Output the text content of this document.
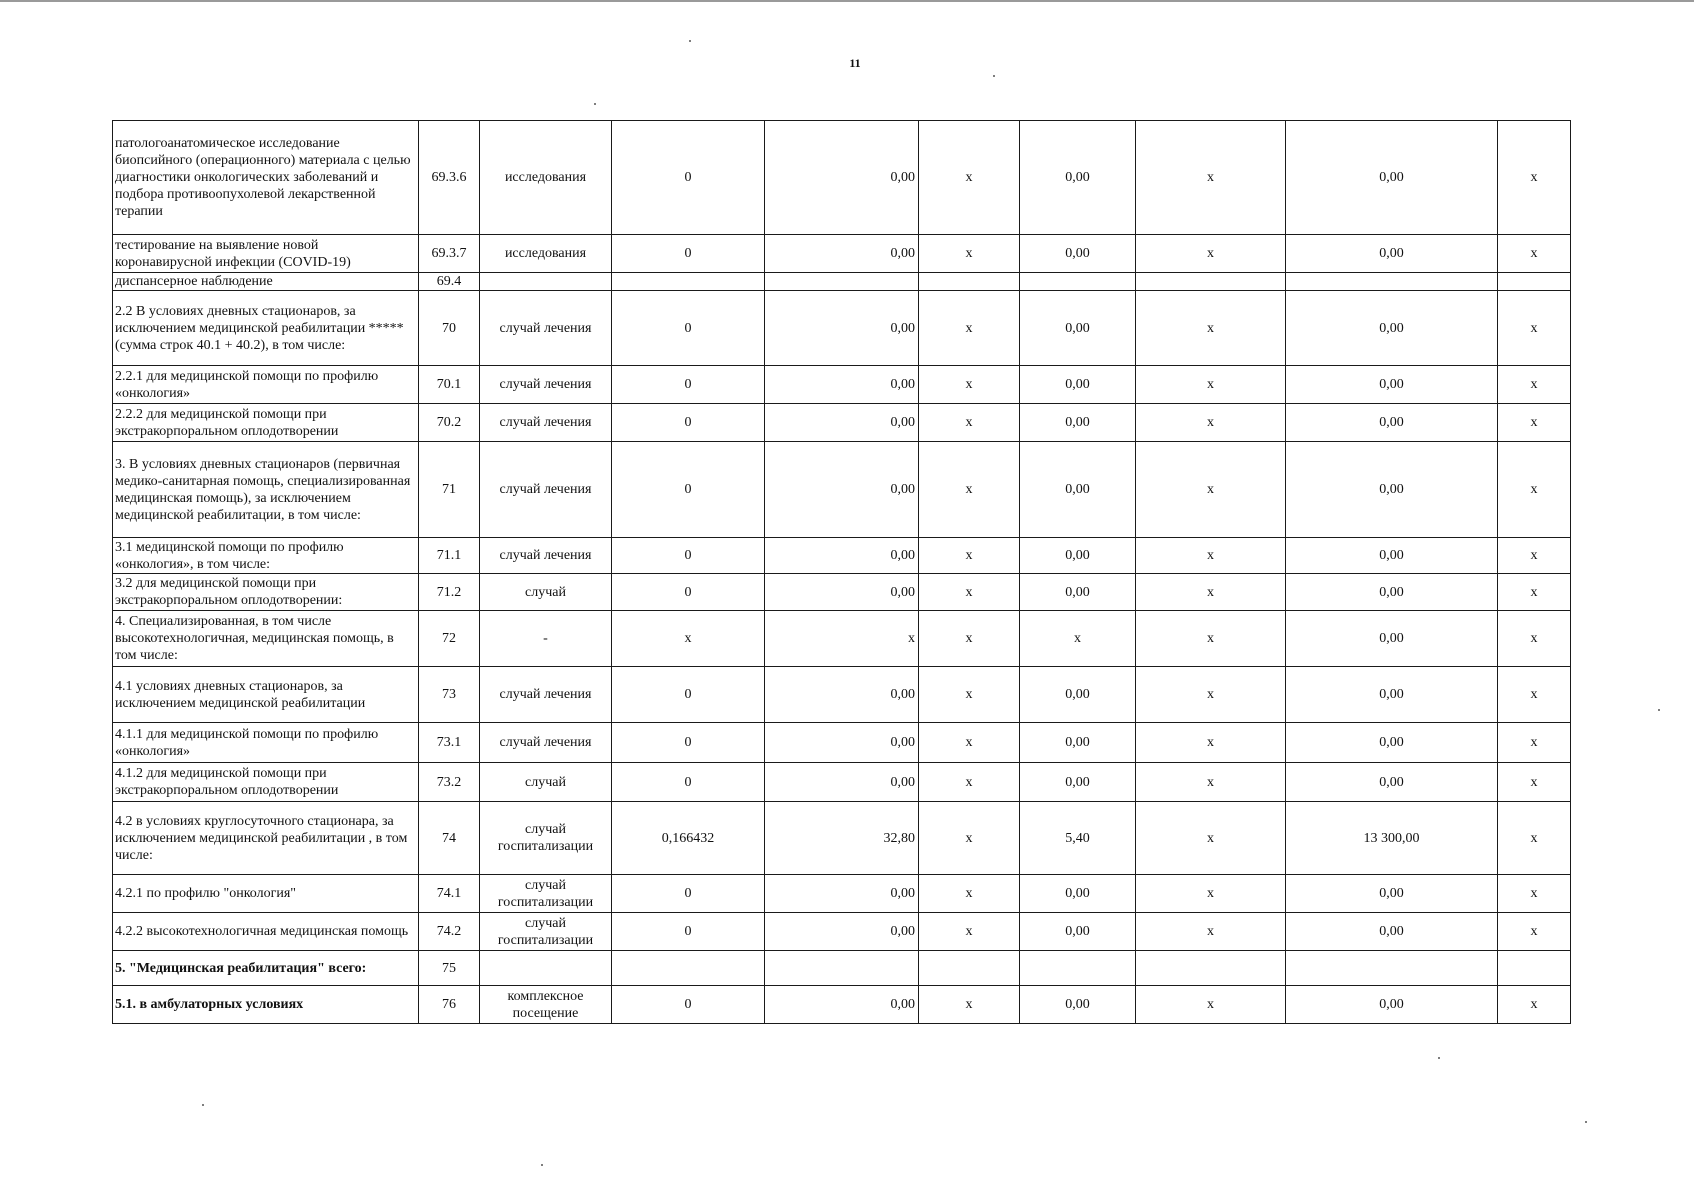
11
патологоанатомическое исследование биопсийного (операционного) материала с целью диагностики онкологических заболеваний и подбора противоопухолевой лекарственной терапии	69.3.6	исследования	0	0,00	x	0,00	x	0,00	x
тестирование на выявление новой коронавирусной инфекции (COVID-19)	69.3.7	исследования	0	0,00	x	0,00	x	0,00	x
диспансерное наблюдение	69.4								
2.2 В условиях дневных стационаров, за исключением медицинской реабилитации ***** (сумма строк 40.1 + 40.2), в том числе:	70	случай лечения	0	0,00	x	0,00	x	0,00	x
2.2.1 для медицинской помощи по профилю «онкология»	70.1	случай лечения	0	0,00	x	0,00	x	0,00	x
2.2.2 для медицинской помощи при экстракорпоральном оплодотворении	70.2	случай лечения	0	0,00	x	0,00	x	0,00	x
3. В условиях дневных стационаров (первичная медико-санитарная помощь, специализированная медицинская помощь), за исключением медицинской реабилитации, в том числе:	71	случай лечения	0	0,00	x	0,00	x	0,00	x
3.1 медицинской помощи по профилю «онкология», в том числе:	71.1	случай лечения	0	0,00	x	0,00	x	0,00	x
3.2 для медицинской помощи при экстракорпоральном оплодотворении:	71.2	случай	0	0,00	x	0,00	x	0,00	x
4. Специализированная, в том числе высокотехнологичная, медицинская помощь, в том числе:	72	-	x	x	x	x	x	0,00	x
4.1 условиях дневных стационаров, за исключением медицинской реабилитации	73	случай лечения	0	0,00	x	0,00	x	0,00	x
4.1.1 для медицинской помощи по профилю «онкология»	73.1	случай лечения	0	0,00	x	0,00	x	0,00	x
4.1.2 для медицинской помощи при экстракорпоральном оплодотворении	73.2	случай	0	0,00	x	0,00	x	0,00	x
4.2 в условиях круглосуточного стационара, за исключением медицинской реабилитации , в том числе:	74	случай госпитализации	0,166432	32,80	x	5,40	x	13 300,00	x
4.2.1 по профилю "онкология"	74.1	случай госпитализации	0	0,00	x	0,00	x	0,00	x
4.2.2 высокотехнологичная медицинская помощь	74.2	случай госпитализации	0	0,00	x	0,00	x	0,00	x
5. "Медицинская реабилитация" всего:	75								
5.1. в амбулаторных условиях	76	комплексное посещение	0	0,00	x	0,00	x	0,00	x
